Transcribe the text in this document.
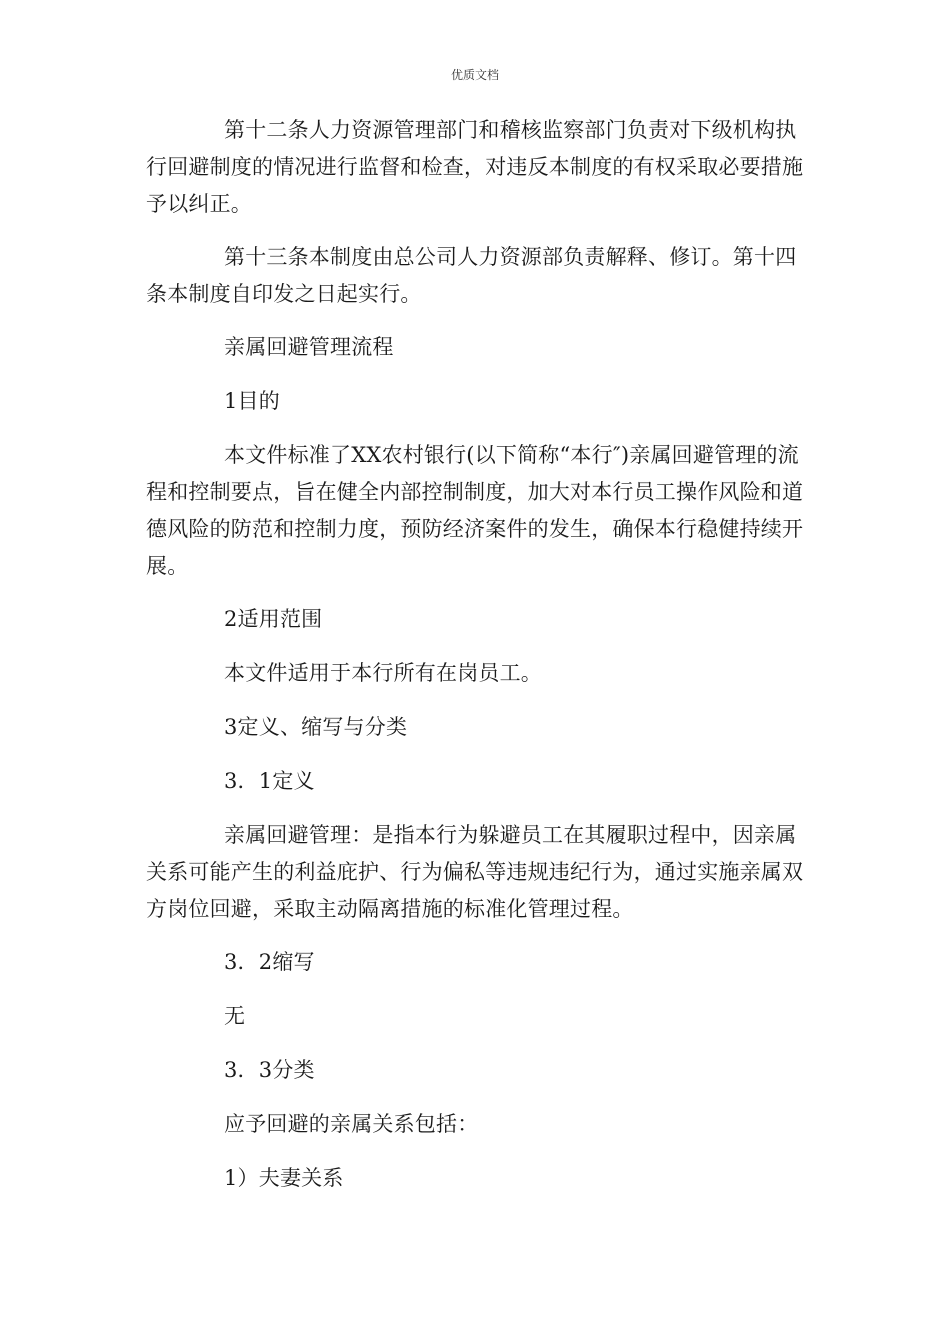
优质文档

第十二条人力资源管理部门和稽核监察部门负责对下级机构执行回避制度的情况进行监督和检查，对违反本制度的有权采取必要措施予以纠正。

第十三条本制度由总公司人力资源部负责解释、修订。第十四条本制度自印发之日起实行。

亲属回避管理流程

1目的

本文件标准了XX农村银行(以下简称“本行″)亲属回避管理的流程和控制要点，旨在健全内部控制制度，加大对本行员工操作风险和道德风险的防范和控制力度，预防经济案件的发生，确保本行稳健持续开展。

2适用范围

本文件适用于本行所有在岗员工。

3定义、缩写与分类

3．1定义

亲属回避管理：是指本行为躲避员工在其履职过程中，因亲属关系可能产生的利益庇护、行为偏私等违规违纪行为，通过实施亲属双方岗位回避，采取主动隔离措施的标准化管理过程。

3．2缩写

无

3．3分类

应予回避的亲属关系包括：

1）夫妻关系
